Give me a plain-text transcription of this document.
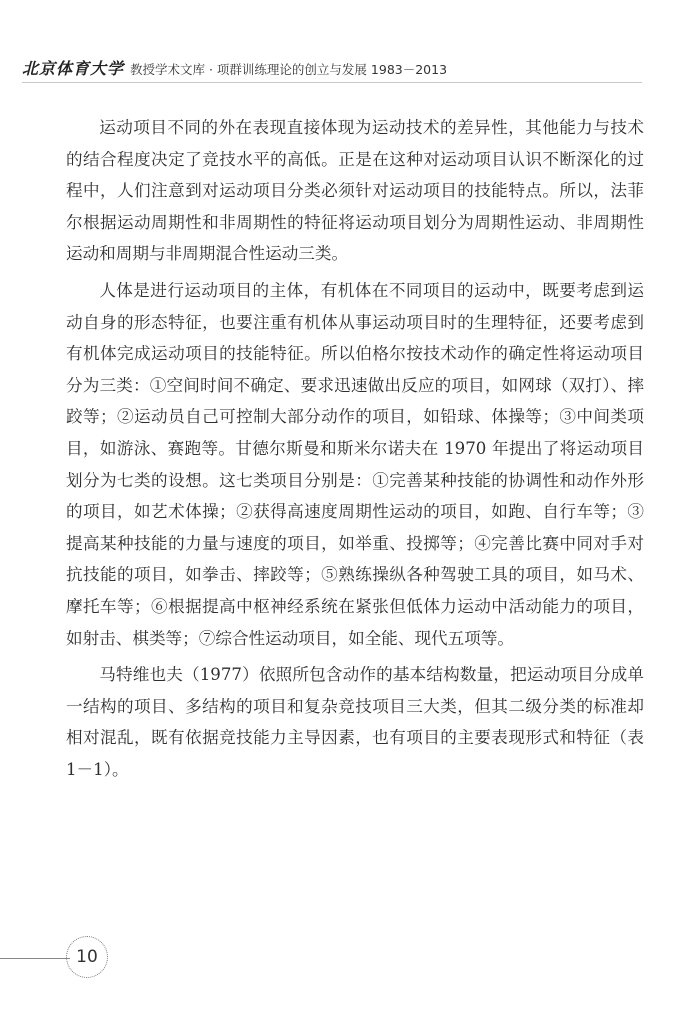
北京体育大学 教授学术文库 · 项群训练理论的创立与发展 1983－2013

运动项目不同的外在表现直接体现为运动技术的差异性，其他能力与技术的结合程度决定了竞技水平的高低。正是在这种对运动项目认识不断深化的过程中，人们注意到对运动项目分类必须针对运动项目的技能特点。所以，法菲尔根据运动周期性和非周期性的特征将运动项目划分为周期性运动、非周期性运动和周期与非周期混合性运动三类。

人体是进行运动项目的主体，有机体在不同项目的运动中，既要考虑到运动自身的形态特征，也要注重有机体从事运动项目时的生理特征，还要考虑到有机体完成运动项目的技能特征。所以伯格尔按技术动作的确定性将运动项目分为三类：①空间时间不确定、要求迅速做出反应的项目，如网球（双打）、摔跤等；②运动员自己可控制大部分动作的项目，如铅球、体操等；③中间类项目，如游泳、赛跑等。甘德尔斯曼和斯米尔诺夫在 1970 年提出了将运动项目划分为七类的设想。这七类项目分别是：①完善某种技能的协调性和动作外形的项目，如艺术体操；②获得高速度周期性运动的项目，如跑、自行车等；③提高某种技能的力量与速度的项目，如举重、投掷等；④完善比赛中同对手对抗技能的项目，如拳击、摔跤等；⑤熟练操纵各种驾驶工具的项目，如马术、摩托车等；⑥根据提高中枢神经系统在紧张但低体力运动中活动能力的项目，如射击、棋类等；⑦综合性运动项目，如全能、现代五项等。

马特维也夫（1977）依照所包含动作的基本结构数量，把运动项目分成单一结构的项目、多结构的项目和复杂竞技项目三大类，但其二级分类的标准却相对混乱，既有依据竞技能力主导因素，也有项目的主要表现形式和特征（表 1－1）。

10
